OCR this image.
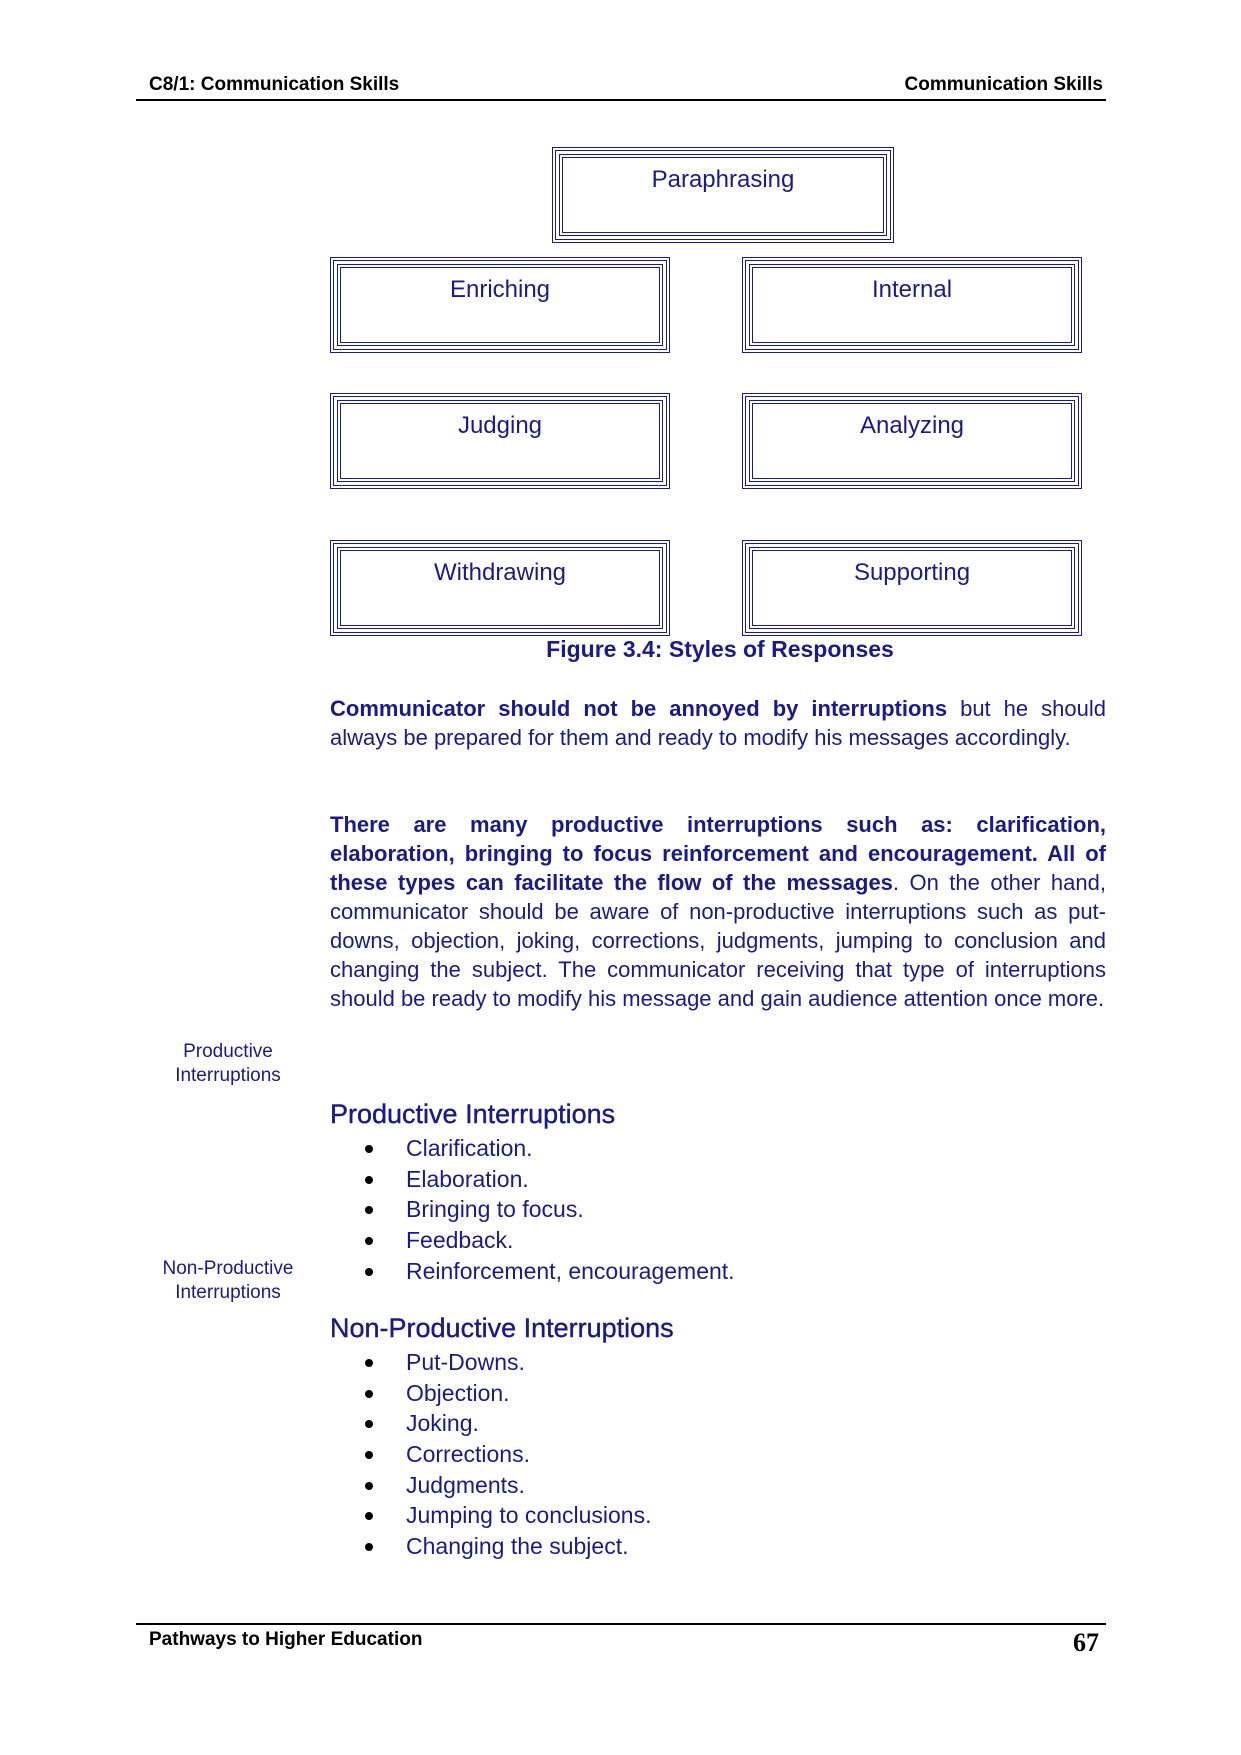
C8/1: Communication Skills	Communication Skills
Paraphrasing
Enriching	Internal
Judging	Analyzing
Withdrawing	Supporting
Figure 3.4: Styles of Responses

Communicator should not be annoyed by interruptions but he should always be prepared for them and ready to modify his messages accordingly.

There are many productive interruptions such as: clarification, elaboration, bringing to focus reinforcement and encouragement. All of these types can facilitate the flow of the messages. On the other hand, communicator should be aware of non-productive interruptions such as put-downs, objection, joking, corrections, judgments, jumping to conclusion and changing the subject. The communicator receiving that type of interruptions should be ready to modify his message and gain audience attention once more.

Productive
Interruptions
Non-Productive
Interruptions
Productive Interruptions
Clarification.
Elaboration.
Bringing to focus.
Feedback.
Reinforcement, encouragement.
Non-Productive Interruptions
Put-Downs.
Objection.
Joking.
Corrections.
Judgments.
Jumping to conclusions.
Changing the subject.
Pathways to Higher Education	67
